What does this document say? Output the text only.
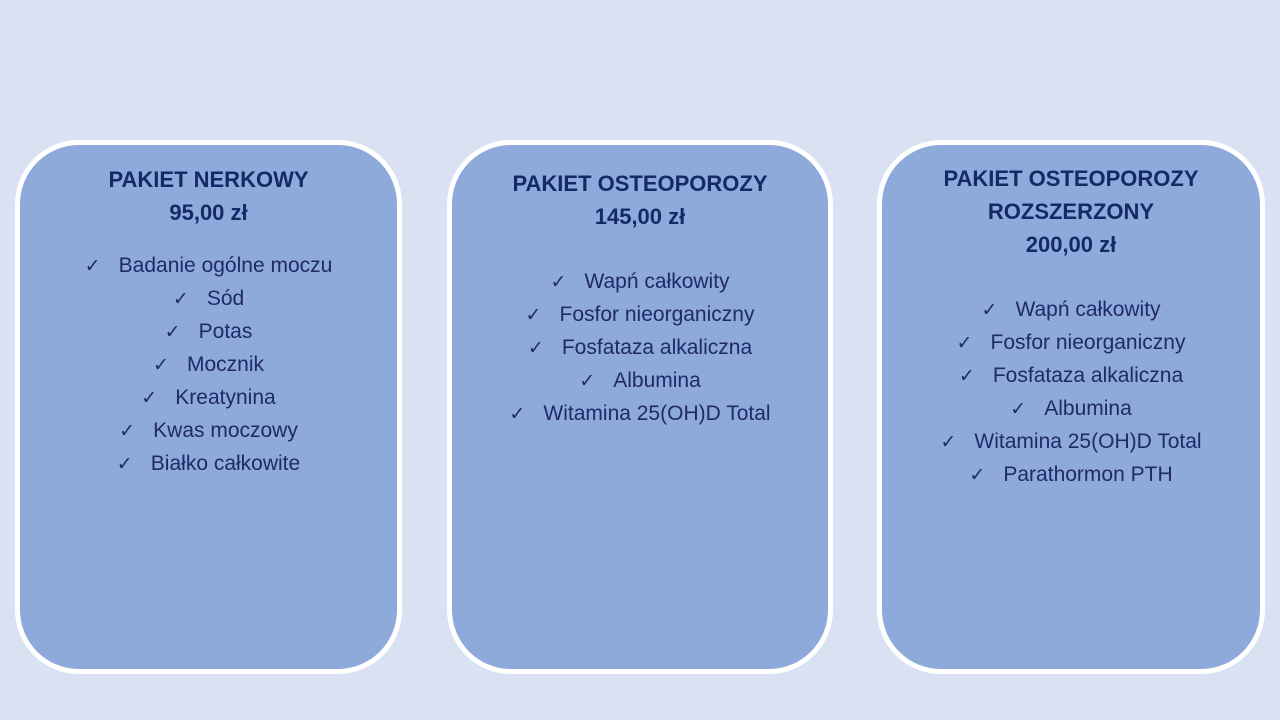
PAKIET NERKOWY
95,00 zł
✓ Badanie ogólne moczu
✓ Sód
✓ Potas
✓ Mocznik
✓ Kreatynina
✓ Kwas moczowy
✓ Białko całkowite
PAKIET OSTEOPOROZY
145,00 zł
✓ Wapń całkowity
✓ Fosfor nieorganiczny
✓ Fosfataza alkaliczna
✓ Albumina
✓ Witamina 25(OH)D Total
PAKIET OSTEOPOROZY ROZSZERZONY
200,00 zł
✓ Wapń całkowity
✓ Fosfor nieorganiczny
✓ Fosfataza alkaliczna
✓ Albumina
✓ Witamina 25(OH)D Total
✓ Parathormon PTH
